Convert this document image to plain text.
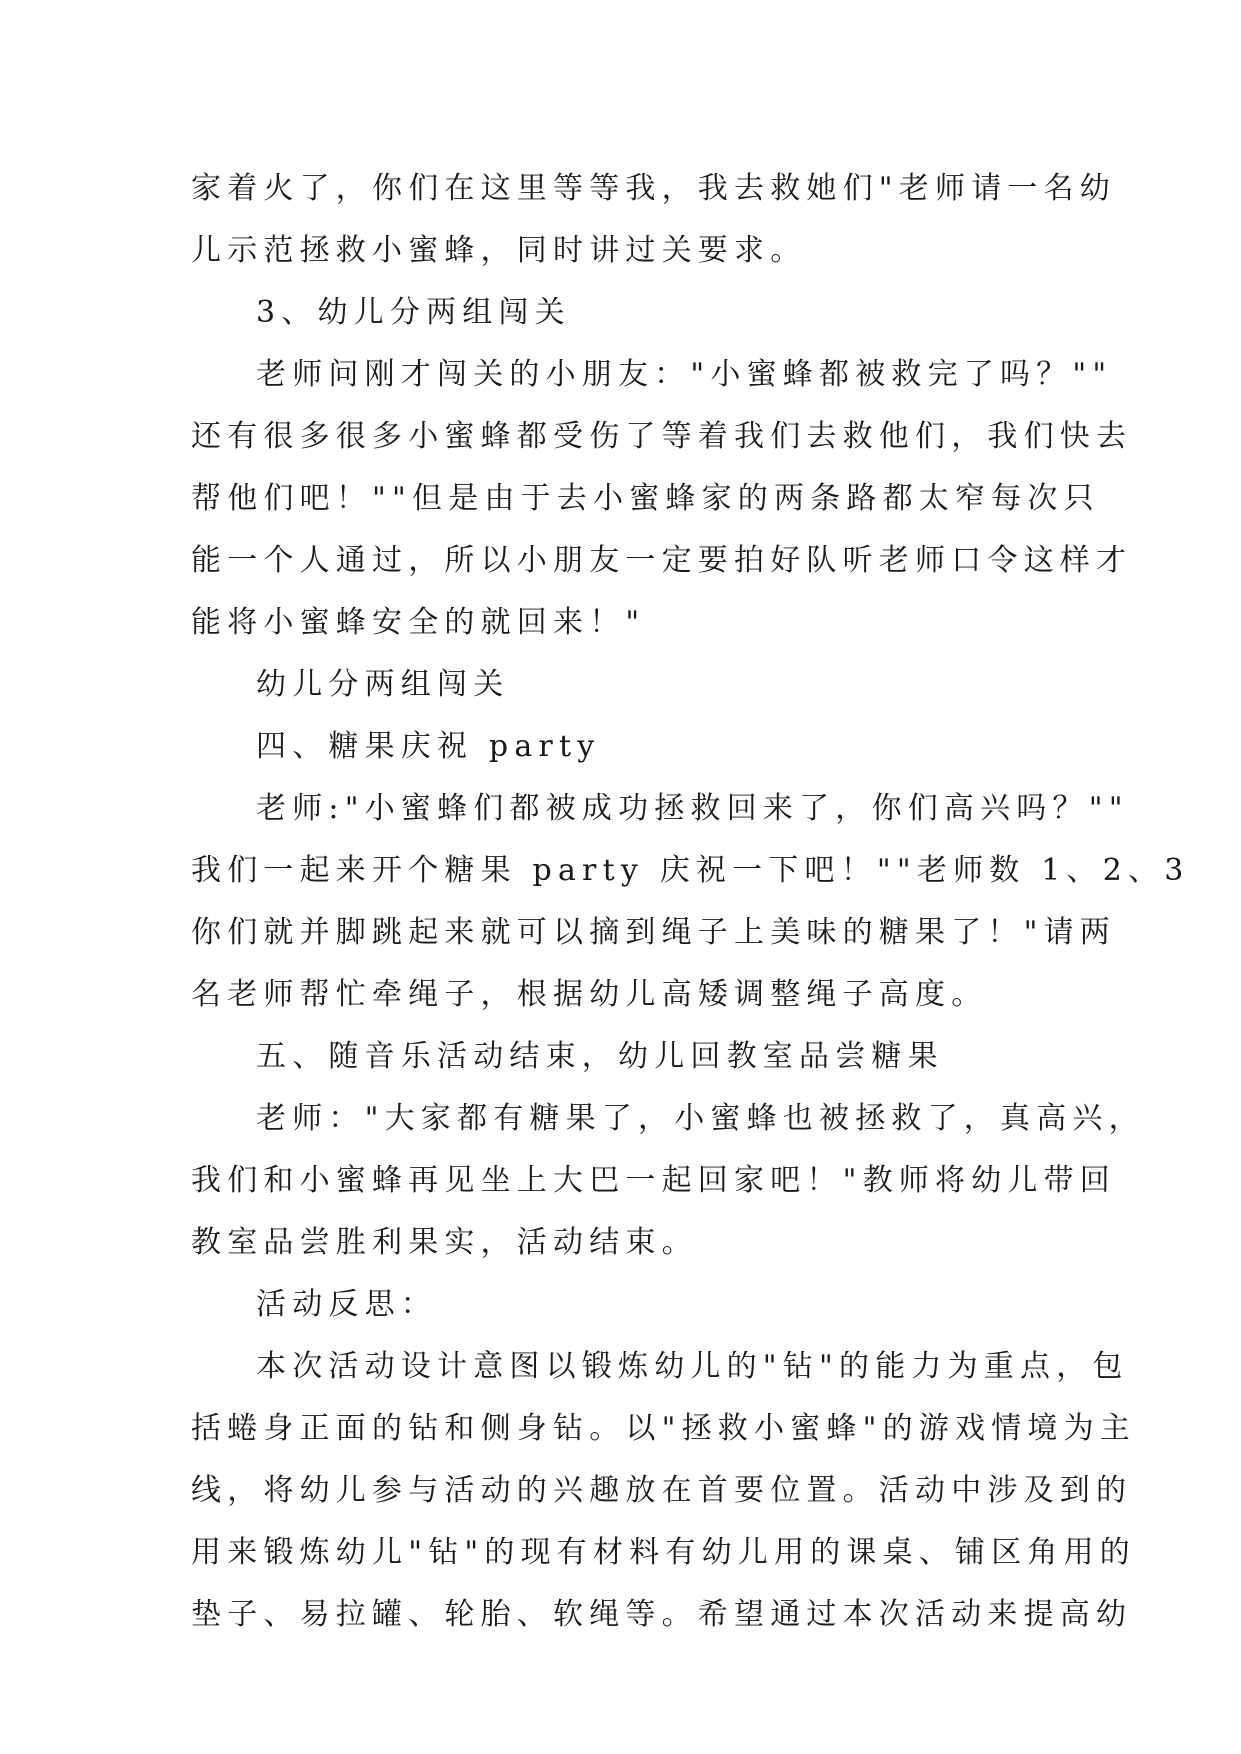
家着火了，你们在这里等等我，我去救她们"老师请一名幼
儿示范拯救小蜜蜂，同时讲过关要求。
3、幼儿分两组闯关
老师问刚才闯关的小朋友："小蜜蜂都被救完了吗？""
还有很多很多小蜜蜂都受伤了等着我们去救他们，我们快去
帮他们吧！""但是由于去小蜜蜂家的两条路都太窄每次只
能一个人通过，所以小朋友一定要拍好队听老师口令这样才
能将小蜜蜂安全的就回来！"
幼儿分两组闯关
四、糖果庆祝 party
老师:"小蜜蜂们都被成功拯救回来了，你们高兴吗？""
我们一起来开个糖果 party 庆祝一下吧！""老师数 1、2、3
你们就并脚跳起来就可以摘到绳子上美味的糖果了！"请两
名老师帮忙牵绳子，根据幼儿高矮调整绳子高度。
五、随音乐活动结束，幼儿回教室品尝糖果
老师："大家都有糖果了，小蜜蜂也被拯救了，真高兴，
我们和小蜜蜂再见坐上大巴一起回家吧！"教师将幼儿带回
教室品尝胜利果实，活动结束。
活动反思：
本次活动设计意图以锻炼幼儿的"钻"的能力为重点，包
括蜷身正面的钻和侧身钻。以"拯救小蜜蜂"的游戏情境为主
线，将幼儿参与活动的兴趣放在首要位置。活动中涉及到的
用来锻炼幼儿"钻"的现有材料有幼儿用的课桌、铺区角用的
垫子、易拉罐、轮胎、软绳等。希望通过本次活动来提高幼
